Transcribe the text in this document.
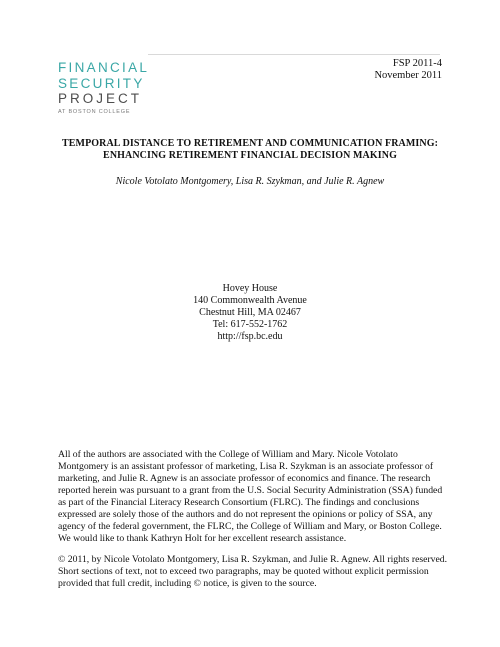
FINANCIAL
SECURITY
PROJECT
AT BOSTON COLLEGE
FSP 2011-4
November 2011
TEMPORAL DISTANCE TO RETIREMENT AND COMMUNICATION FRAMING:
ENHANCING RETIREMENT FINANCIAL DECISION MAKING
Nicole Votolato Montgomery, Lisa R. Szykman, and Julie R. Agnew
Hovey House
140 Commonwealth Avenue
Chestnut Hill, MA 02467
Tel: 617-552-1762
http://fsp.bc.edu
All of the authors are associated with the College of William and Mary. Nicole Votolato Montgomery is an assistant professor of marketing, Lisa R. Szykman is an associate professor of marketing, and Julie R. Agnew is an associate professor of economics and finance. The research reported herein was pursuant to a grant from the U.S. Social Security Administration (SSA) funded as part of the Financial Literacy Research Consortium (FLRC). The findings and conclusions expressed are solely those of the authors and do not represent the opinions or policy of SSA, any agency of the federal government, the FLRC, the College of William and Mary, or Boston College. We would like to thank Kathryn Holt for her excellent research assistance.
© 2011, by Nicole Votolato Montgomery, Lisa R. Szykman, and Julie R. Agnew. All rights reserved. Short sections of text, not to exceed two paragraphs, may be quoted without explicit permission provided that full credit, including © notice, is given to the source.
